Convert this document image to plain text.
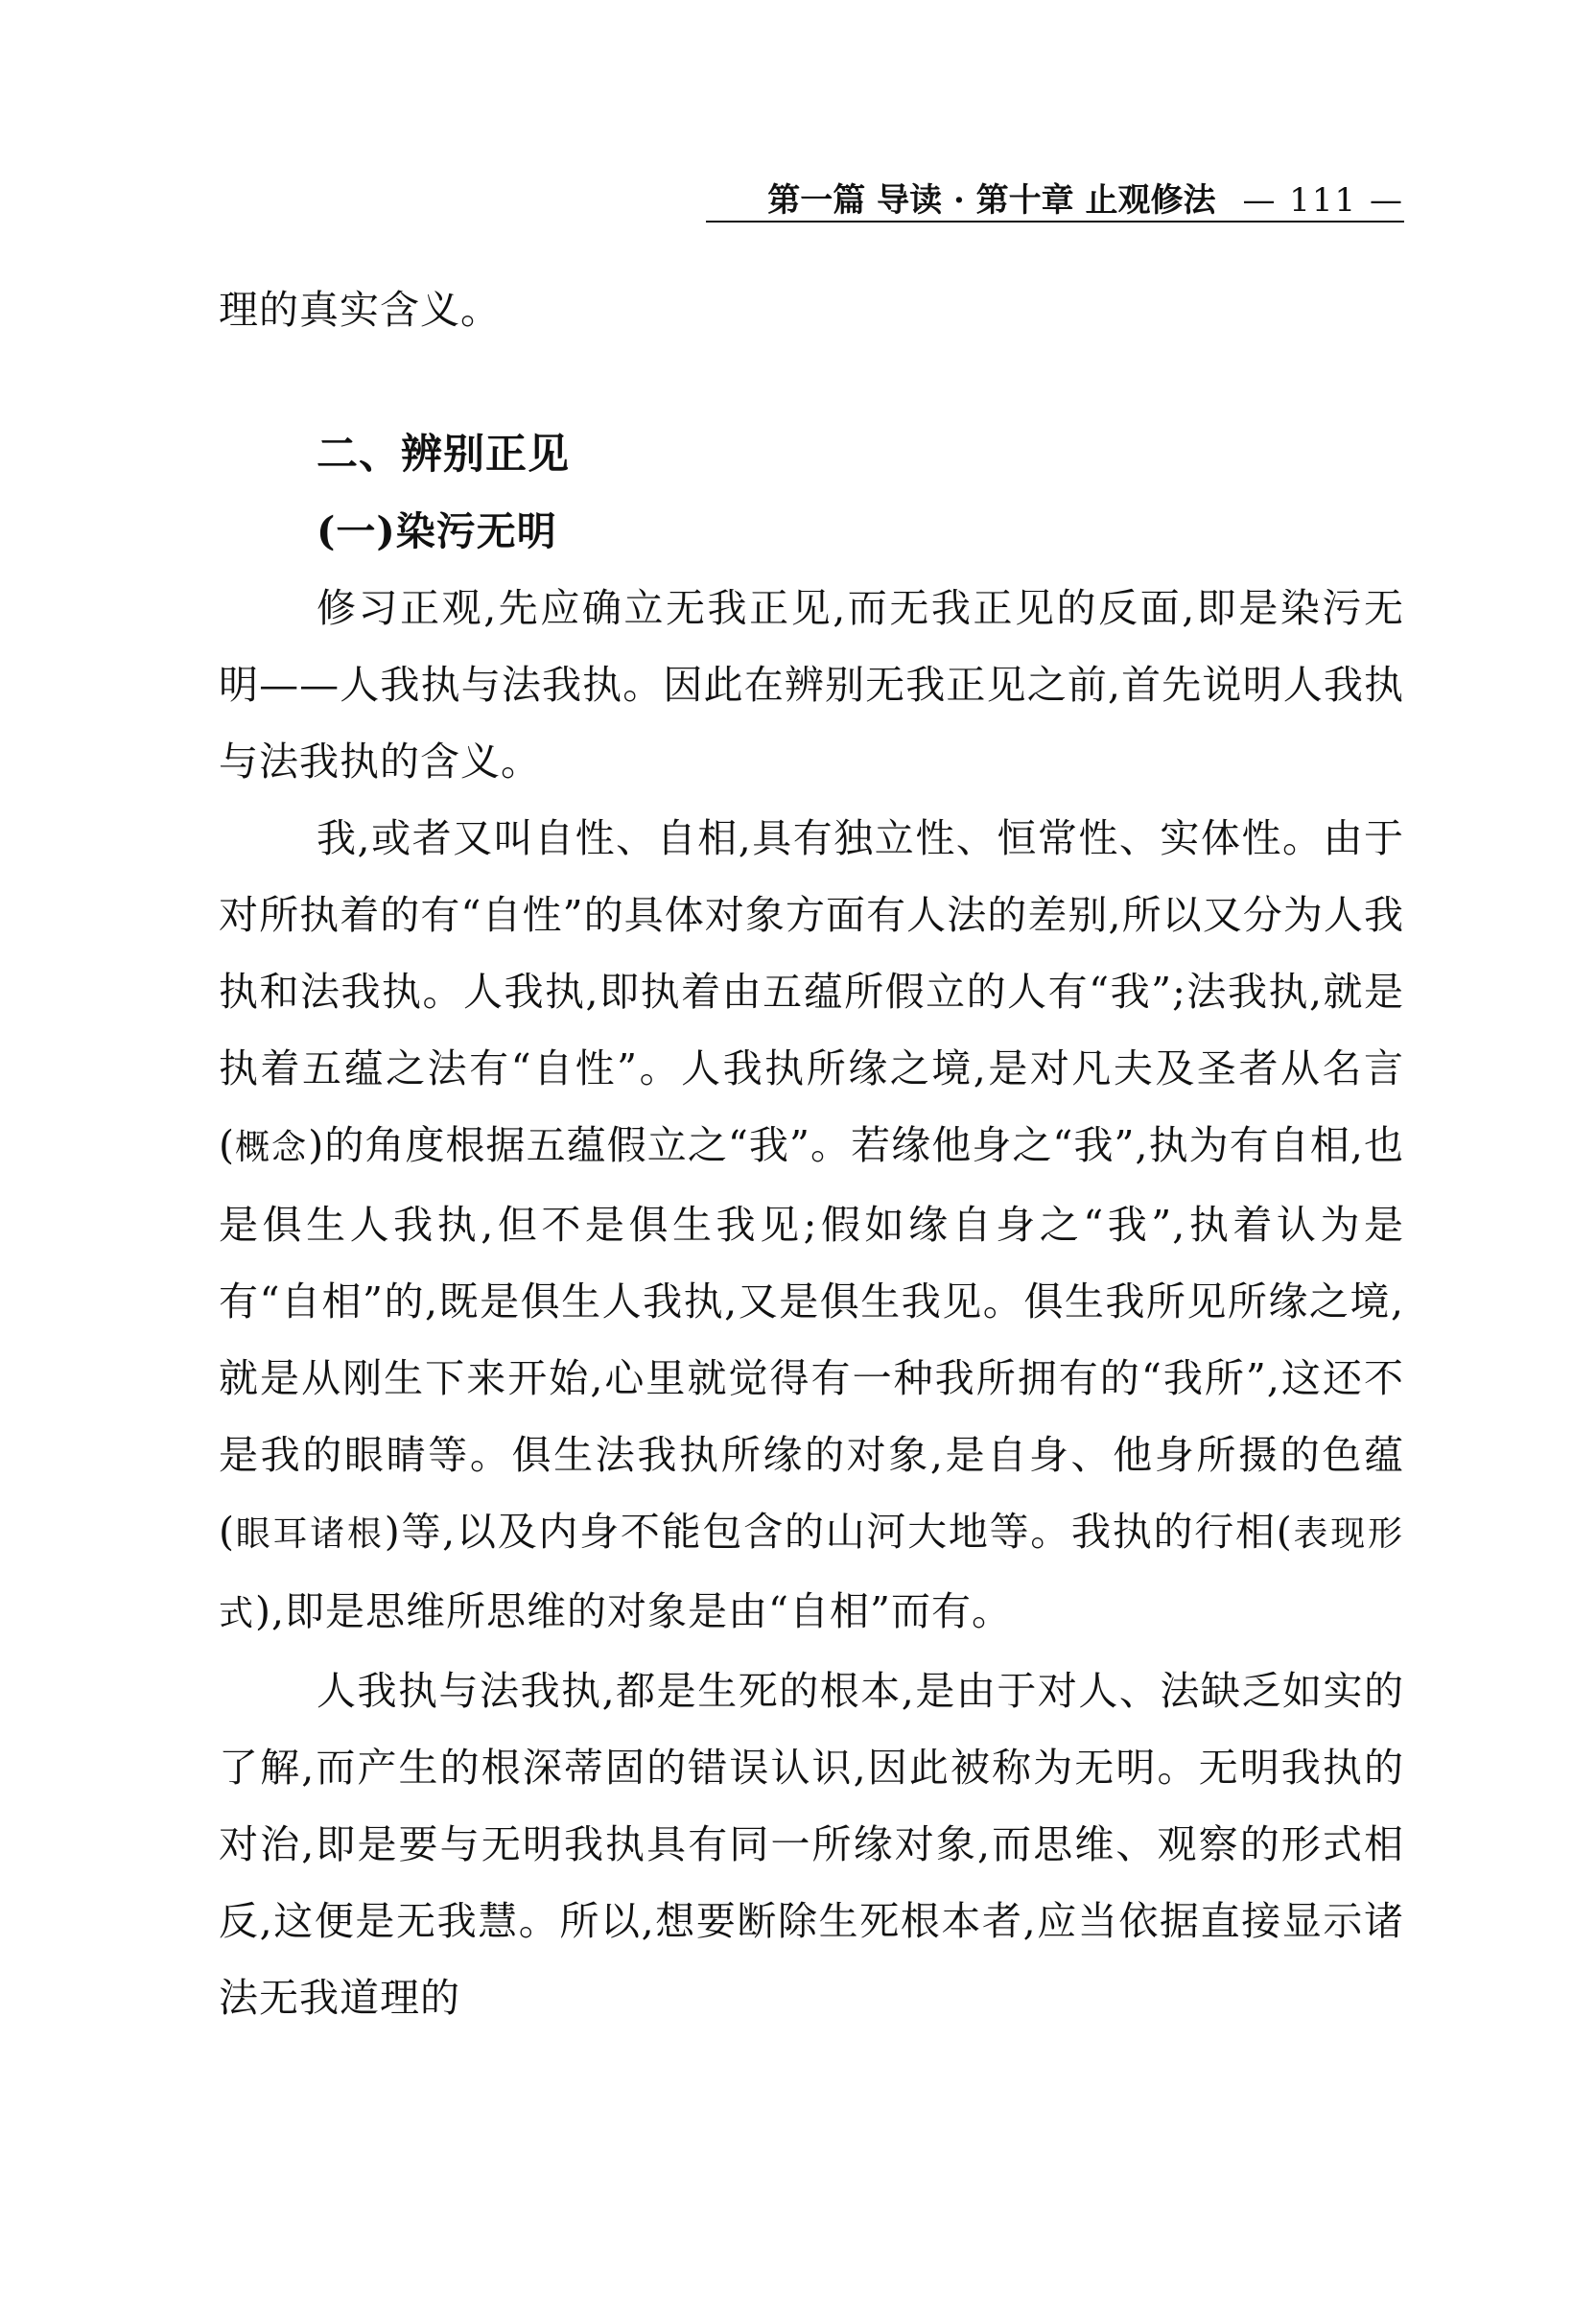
第一篇 导读 · 第十章 止观修法 — 111 —

理的真实含义。

二、辨别正见
(一)染污无明

修习正观,先应确立无我正见,而无我正见的反面,即是染污无明——人我执与法我执。因此在辨别无我正见之前,首先说明人我执与法我执的含义。

我,或者又叫自性、自相,具有独立性、恒常性、实体性。由于对所执着的有“自性”的具体对象方面有人法的差别,所以又分为人我执和法我执。人我执,即执着由五蕴所假立的人有“我”;法我执,就是执着五蕴之法有“自性”。人我执所缘之境,是对凡夫及圣者从名言(概念)的角度根据五蕴假立之“我”。若缘他身之“我”,执为有自相,也是俱生人我执,但不是俱生我见;假如缘自身之“我”,执着认为是有“自相”的,既是俱生人我执,又是俱生我见。俱生我所见所缘之境,就是从刚生下来开始,心里就觉得有一种我所拥有的“我所”,这还不是我的眼睛等。俱生法我执所缘的对象,是自身、他身所摄的色蕴(眼耳诸根)等,以及内身不能包含的山河大地等。我执的行相(表现形式),即是思维所思维的对象是由“自相”而有。

人我执与法我执,都是生死的根本,是由于对人、法缺乏如实的了解,而产生的根深蒂固的错误认识,因此被称为无明。无明我执的对治,即是要与无明我执具有同一所缘对象,而思维、观察的形式相反,这便是无我慧。所以,想要断除生死根本者,应当依据直接显示诸法无我道理的
